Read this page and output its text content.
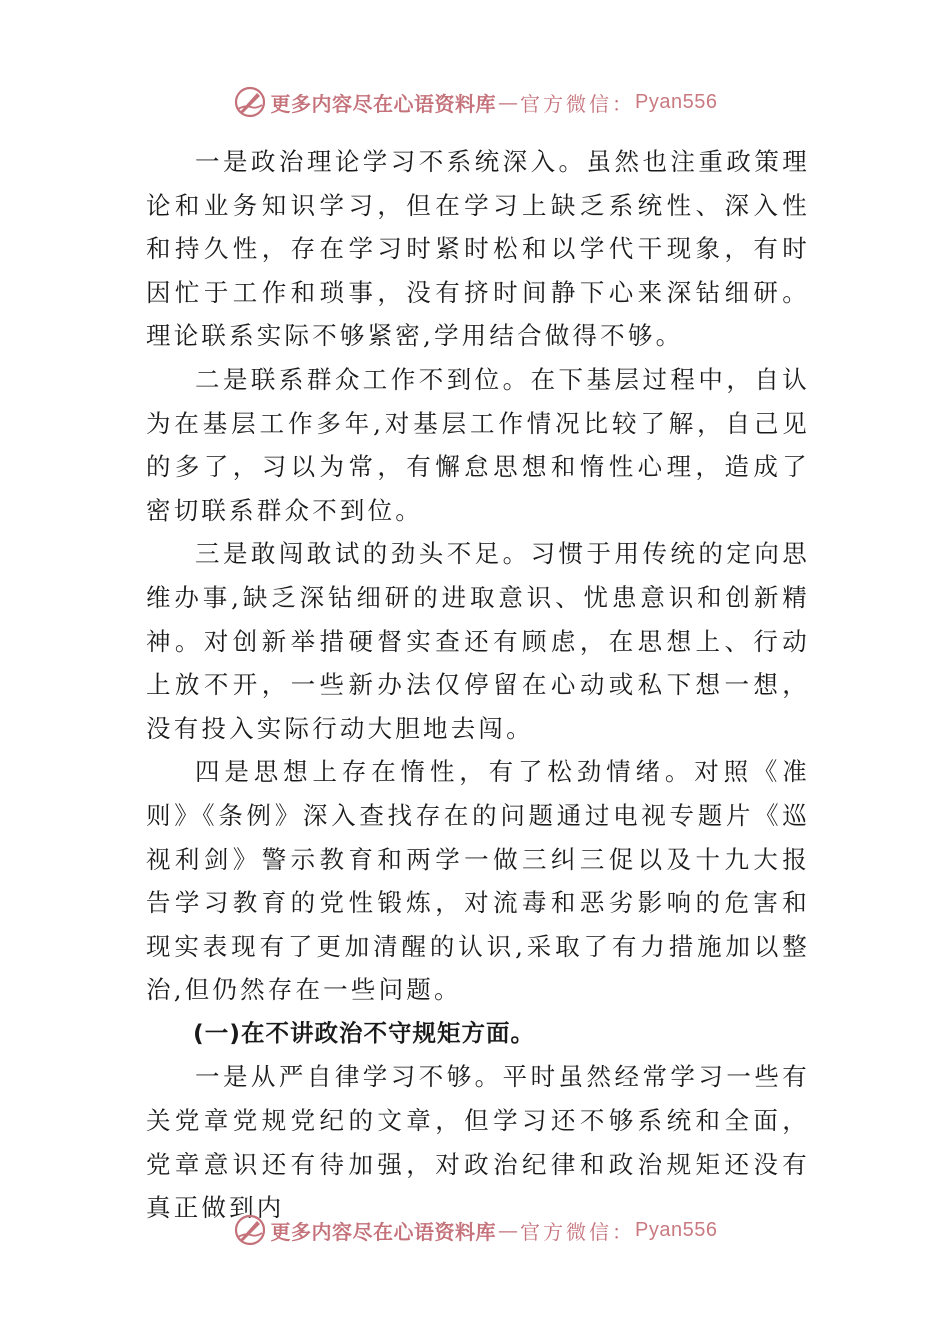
更多内容尽在心语资料库 — 官方微信： Pyan556

一是政治理论学习不系统深入。虽然也注重政策理论和业务知识学习，但在学习上缺乏系统性、深入性和持久性，存在学习时紧时松和以学代干现象，有时因忙于工作和琐事，没有挤时间静下心来深钻细研。理论联系实际不够紧密,学用结合做得不够。

二是联系群众工作不到位。在下基层过程中，自认为在基层工作多年,对基层工作情况比较了解，自己见的多了，习以为常，有懈怠思想和惰性心理，造成了密切联系群众不到位。

三是敢闯敢试的劲头不足。习惯于用传统的定向思维办事,缺乏深钻细研的进取意识、忧患意识和创新精神。对创新举措硬督实查还有顾虑，在思想上、行动上放不开，一些新办法仅停留在心动或私下想一想，没有投入实际行动大胆地去闯。

四是思想上存在惰性，有了松劲情绪。对照《准则》《条例》深入查找存在的问题通过电视专题片《巡视利剑》警示教育和两学一做三纠三促以及十九大报告学习教育的党性锻炼，对流毒和恶劣影响的危害和现实表现有了更加清醒的认识,采取了有力措施加以整治,但仍然存在一些问题。

(一)在不讲政治不守规矩方面。

一是从严自律学习不够。平时虽然经常学习一些有关党章党规党纪的文章，但学习还不够系统和全面，党章意识还有待加强，对政治纪律和政治规矩还没有真正做到内

更多内容尽在心语资料库 — 官方微信： Pyan556
